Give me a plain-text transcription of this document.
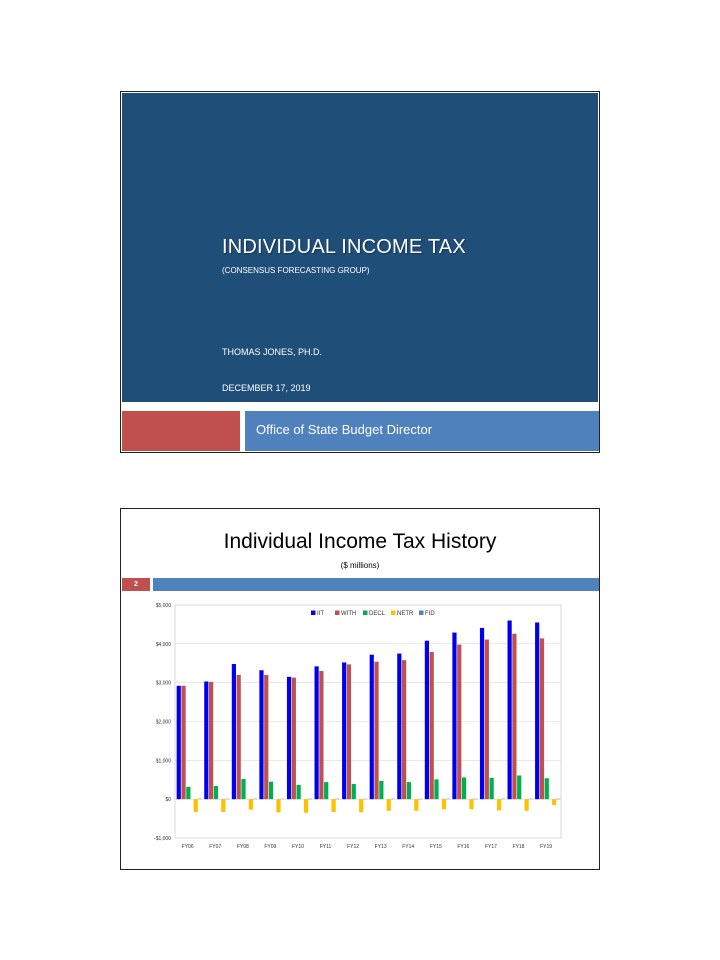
INDIVIDUAL INCOME TAX
(CONSENSUS FORECASTING GROUP)
THOMAS JONES, PH.D.
DECEMBER 17, 2019
Office of State Budget Director
Individual Income Tax History
($ millions)
2
-$1,000
$0
$1,000
$2,000
$3,000
$4,000
$5,000
FY06	FY07	FY08	FY09	FY10	FY11	FY12	FY13	FY14	FY15	FY16	FY17	FY18	FY19
IIT	WITH DECL NETR FID
